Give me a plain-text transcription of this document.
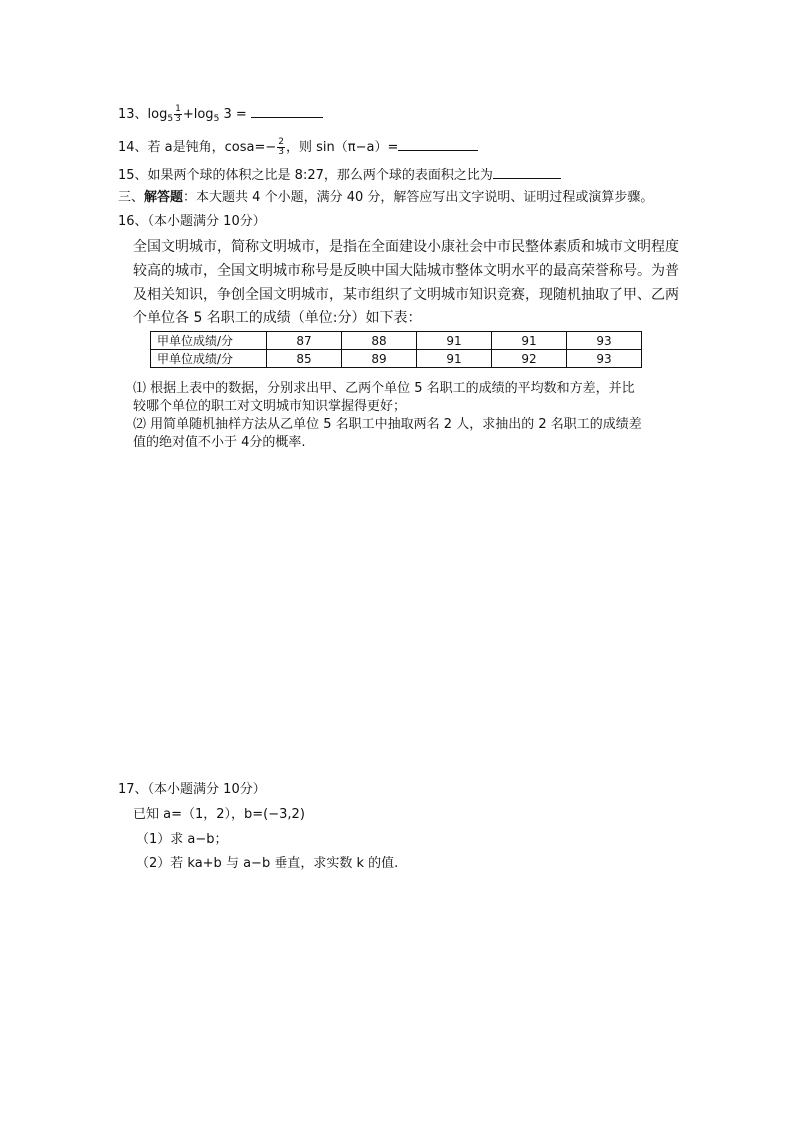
13、$\log_5 \frac{1}{3} +\log_5$ 3 =
14、若 a是钝角，$\cos a=- \frac{2}{3}$ ，则 sin（π−a）=
15、如果两个球的体积之比是 8:27，那么两个球的表面积之比为
三、解答题：本大题共 4 个小题，满分 40 分，解答应写出文字说明、证明过程或演算步骤。
16、（本小题满分 10分）
全国文明城市，简称文明城市，是指在全面建设小康社会中市民整体素质和城市文明程度
较高的城市，全国文明城市称号是反映中国大陆城市整体文明水平的最高荣誉称号。为普
及相关知识，争创全国文明城市，某市组织了文明城市知识竞赛，现随机抽取了甲、乙两
个单位各 5 名职工的成绩（单位:分）如下表：
甲单位成绩/分	87	88	91	91	93
甲单位成绩/分	85	89	91	92	93
⑴ 根据上表中的数据，分别求出甲、乙两个单位 5 名职工的成绩的平均数和方差，并比
较哪个单位的职工对文明城市知识掌握得更好；
⑵ 用简单随机抽样方法从乙单位 5 名职工中抽取两名 2 人，求抽出的 2 名职工的成绩差
值的绝对值不小于 4分的概率.
17、（本小题满分 10分）
已知 a=（1，2），b=(−3,2)
（1）求 a−b；
（2）若 ka+b 与 a−b 垂直，求实数 k 的值.
